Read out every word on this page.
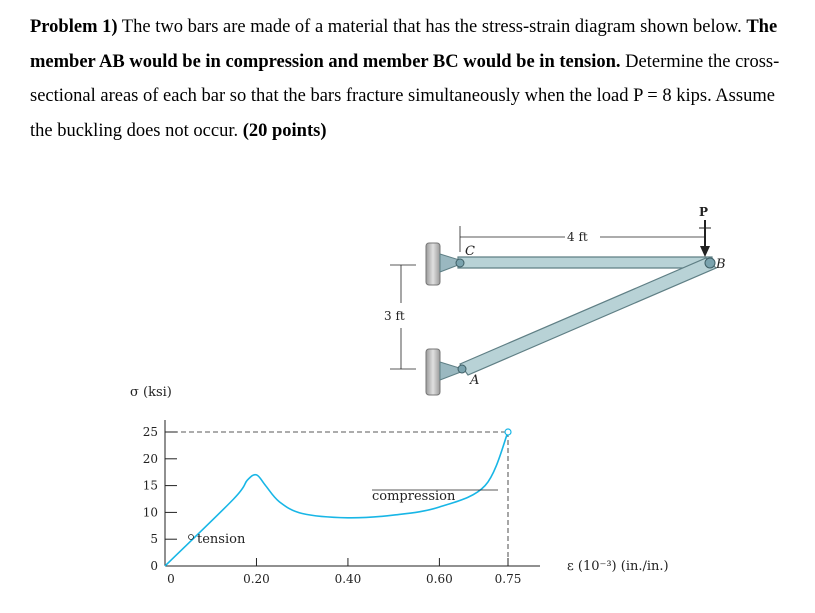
Problem 1) The two bars are made of a material that has the stress-strain diagram shown below. The member AB would be in compression and member BC would be in tension. Determine the cross-sectional areas of each bar so that the bars fracture simultaneously when the load P = 8 kips. Assume the buckling does not occur. (20 points)

P
B
C
A
4 ft
3 ft
σ (ksi)
ε (10⁻³) (in./in.)
0
5
10
15
20
25
0	0.20	0.40	0.60	0.75
compression
tension
